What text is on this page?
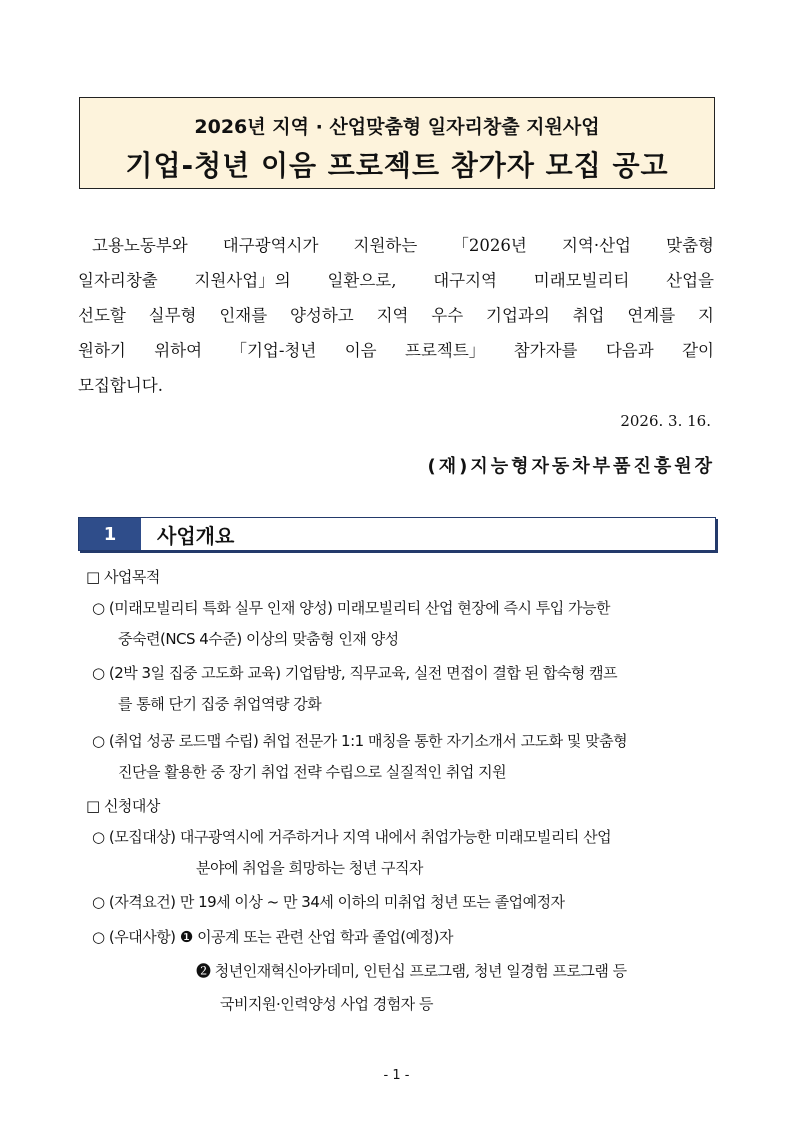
2026년 지역 · 산업맞춤형 일자리창출 지원사업
기업-청년 이음 프로젝트 참가자 모집 공고
고용노동부와 대구광역시가 지원하는 「2026년 지역·산업 맞춤형
일자리창출 지원사업」의 일환으로, 대구지역 미래모빌리티 산업을
선도할 실무형 인재를 양성하고 지역 우수 기업과의 취업 연계를 지
원하기 위하여 「기업-청년 이음 프로젝트」 참가자를 다음과 같이
모집합니다.
2026. 3. 16.
(재)지능형자동차부품진흥원장
1	사업개요
□ 사업목적
○ (미래모빌리티 특화 실무 인재 양성) 미래모빌리티 산업 현장에 즉시 투입 가능한
중숙련(NCS 4수준) 이상의 맞춤형 인재 양성
○ (2박 3일 집중 고도화 교육) 기업탐방, 직무교육, 실전 면접이 결합 된 합숙형 캠프
를 통해 단기 집중 취업역량 강화
○ (취업 성공 로드맵 수립) 취업 전문가 1:1 매칭을 통한 자기소개서 고도화 및 맞춤형
진단을 활용한 중 장기 취업 전략 수립으로 실질적인 취업 지원
□ 신청대상
○ (모집대상) 대구광역시에 거주하거나 지역 내에서 취업가능한 미래모빌리티 산업
분야에 취업을 희망하는 청년 구직자
○ (자격요건) 만 19세 이상 ~ 만 34세 이하의 미취업 청년 또는 졸업예정자
○ (우대사항) ❶ 이공계 또는 관련 산업 학과 졸업(예정)자
❷ 청년인재혁신아카데미, 인턴십 프로그램, 청년 일경험 프로그램 등
국비지원·인력양성 사업 경험자 등
- 1 -
